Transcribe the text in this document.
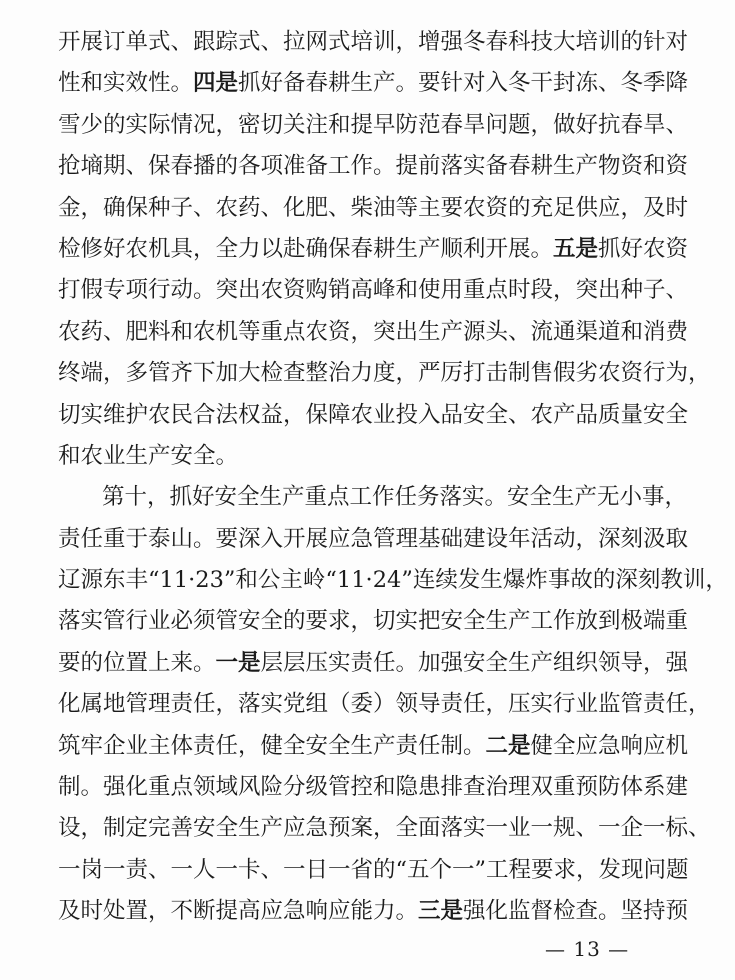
开展订单式、跟踪式、拉网式培训，增强冬春科技大培训的针对
性和实效性。四是抓好备春耕生产。要针对入冬干封冻、冬季降
雪少的实际情况，密切关注和提早防范春旱问题，做好抗春旱、
抢墒期、保春播的各项准备工作。提前落实备春耕生产物资和资
金，确保种子、农药、化肥、柴油等主要农资的充足供应，及时
检修好农机具，全力以赴确保春耕生产顺利开展。五是抓好农资
打假专项行动。突出农资购销高峰和使用重点时段，突出种子、
农药、肥料和农机等重点农资，突出生产源头、流通渠道和消费
终端，多管齐下加大检查整治力度，严厉打击制售假劣农资行为，
切实维护农民合法权益，保障农业投入品安全、农产品质量安全
和农业生产安全。
第十，抓好安全生产重点工作任务落实。安全生产无小事，
责任重于泰山。要深入开展应急管理基础建设年活动，深刻汲取
辽源东丰“11·23”和公主岭“11·24”连续发生爆炸事故的深刻教训，
落实管行业必须管安全的要求，切实把安全生产工作放到极端重
要的位置上来。一是层层压实责任。加强安全生产组织领导，强
化属地管理责任，落实党组（委）领导责任，压实行业监管责任，
筑牢企业主体责任，健全安全生产责任制。二是健全应急响应机
制。强化重点领域风险分级管控和隐患排查治理双重预防体系建
设，制定完善安全生产应急预案，全面落实一业一规、一企一标、
一岗一责、一人一卡、一日一省的“五个一”工程要求，发现问题
及时处置，不断提高应急响应能力。三是强化监督检查。坚持预
— 13 —
